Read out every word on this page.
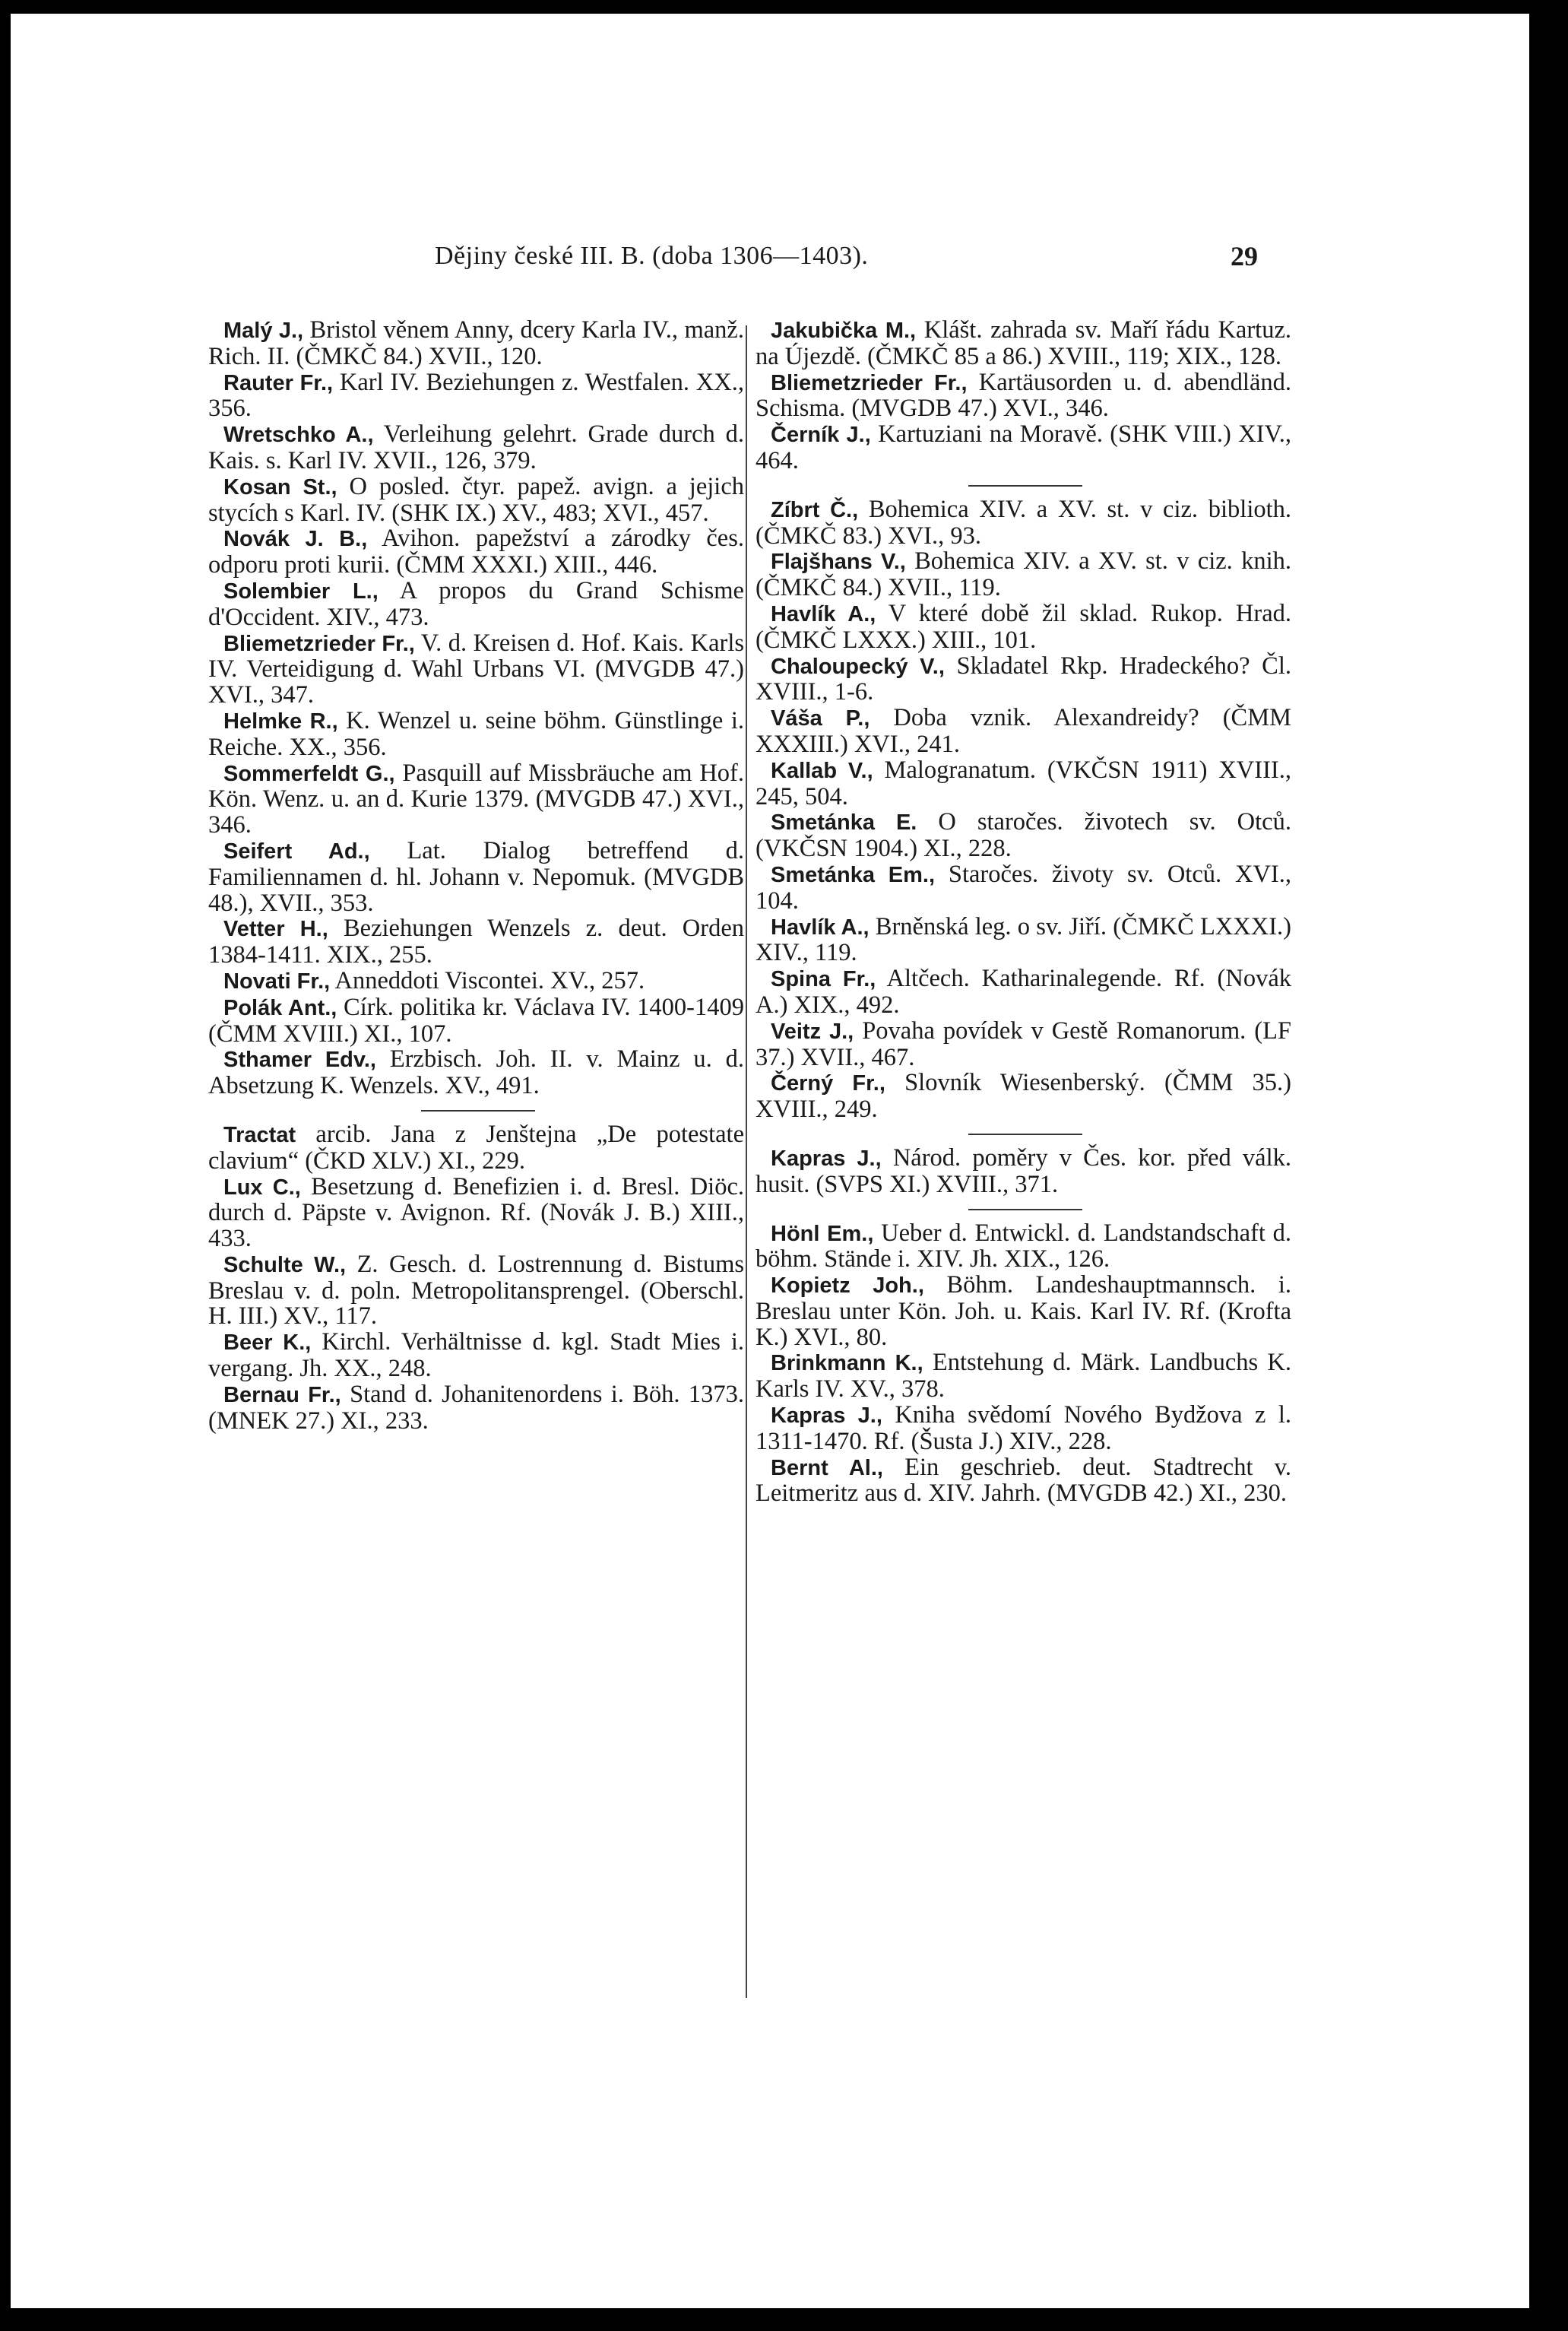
Dějiny české III. B. (doba 1306—1403).	29

Malý J., Bristol věnem Anny, dcery Karla IV., manž. Rich. II. (ČMKČ 84.) XVII., 120.

Rauter Fr., Karl IV. Beziehungen z. Westfalen. XX., 356.

Wretschko A., Verleihung gelehrt. Grade durch d. Kais. s. Karl IV. XVII., 126, 379.

Kosan St., O posled. čtyr. papež. avign. a jejich stycích s Karl. IV. (SHK IX.) XV., 483; XVI., 457.

Novák J. B., Avihon. papežství a zárodky čes. odporu proti kurii. (ČMM XXXI.) XIII., 446.

Solembier L., A propos du Grand Schisme d'Occident. XIV., 473.

Bliemetzrieder Fr., V. d. Kreisen d. Hof. Kais. Karls IV. Verteidigung d. Wahl Urbans VI. (MVGDB 47.) XVI., 347.

Helmke R., K. Wenzel u. seine böhm. Günstlinge i. Reiche. XX., 356.

Sommerfeldt G., Pasquill auf Missbräuche am Hof. Kön. Wenz. u. an d. Kurie 1379. (MVGDB 47.) XVI., 346.

Seifert Ad., Lat. Dialog betreffend d. Familiennamen d. hl. Johann v. Nepomuk. (MVGDB 48.), XVII., 353.

Vetter H., Beziehungen Wenzels z. deut. Orden 1384-1411. XIX., 255.

Novati Fr., Anneddoti Viscontei. XV., 257.

Polák Ant., Círk. politika kr. Václava IV. 1400-1409 (ČMM XVIII.) XI., 107.

Sthamer Edv., Erzbisch. Joh. II. v. Mainz u. d. Absetzung K. Wenzels. XV., 491.

Tractat arcib. Jana z Jenštejna „De potestate clavium“ (ČKD XLV.) XI., 229.

Lux C., Besetzung d. Benefizien i. d. Bresl. Diöc. durch d. Päpste v. Avignon. Rf. (Novák J. B.) XIII., 433.

Schulte W., Z. Gesch. d. Lostrennung d. Bistums Breslau v. d. poln. Metropolitansprengel. (Oberschl. H. III.) XV., 117.

Beer K., Kirchl. Verhältnisse d. kgl. Stadt Mies i. vergang. Jh. XX., 248.

Bernau Fr., Stand d. Johanitenordens i. Böh. 1373. (MNEK 27.) XI., 233.

Jakubička M., Klášt. zahrada sv. Maří řádu Kartuz. na Újezdě. (ČMKČ 85 a 86.) XVIII., 119; XIX., 128.

Bliemetzrieder Fr., Kartäusorden u. d. abendländ. Schisma. (MVGDB 47.) XVI., 346.

Černík J., Kartuziani na Moravě. (SHK VIII.) XIV., 464.

Zíbrt Č., Bohemica XIV. a XV. st. v ciz. biblioth. (ČMKČ 83.) XVI., 93.

Flajšhans V., Bohemica XIV. a XV. st. v ciz. knih. (ČMKČ 84.) XVII., 119.

Havlík A., V které době žil sklad. Rukop. Hrad. (ČMKČ LXXX.) XIII., 101.

Chaloupecký V., Skladatel Rkp. Hradeckého? Čl. XVIII., 1-6.

Váša P., Doba vznik. Alexandreidy? (ČMM XXXIII.) XVI., 241.

Kallab V., Malogranatum. (VKČSN 1911) XVIII., 245, 504.

Smetánka E. O staročes. životech sv. Otců. (VKČSN 1904.) XI., 228.

Smetánka Em., Staročes. životy sv. Otců. XVI., 104.

Havlík A., Brněnská leg. o sv. Jiří. (ČMKČ LXXXI.) XIV., 119.

Spina Fr., Altčech. Katharinalegende. Rf. (Novák A.) XIX., 492.

Veitz J., Povaha povídek v Gestě Romanorum. (LF 37.) XVII., 467.

Černý Fr., Slovník Wiesenberský. (ČMM 35.) XVIII., 249.

Kapras J., Národ. poměry v Čes. kor. před válk. husit. (SVPS XI.) XVIII., 371.

Hönl Em., Ueber d. Entwickl. d. Landstandschaft d. böhm. Stände i. XIV. Jh. XIX., 126.

Kopietz Joh., Böhm. Landeshauptmannsch. i. Breslau unter Kön. Joh. u. Kais. Karl IV. Rf. (Krofta K.) XVI., 80.

Brinkmann K., Entstehung d. Märk. Landbuchs K. Karls IV. XV., 378.

Kapras J., Kniha svědomí Nového Bydžova z l. 1311-1470. Rf. (Šusta J.) XIV., 228.

Bernt Al., Ein geschrieb. deut. Stadtrecht v. Leitmeritz aus d. XIV. Jahrh. (MVGDB 42.) XI., 230.
